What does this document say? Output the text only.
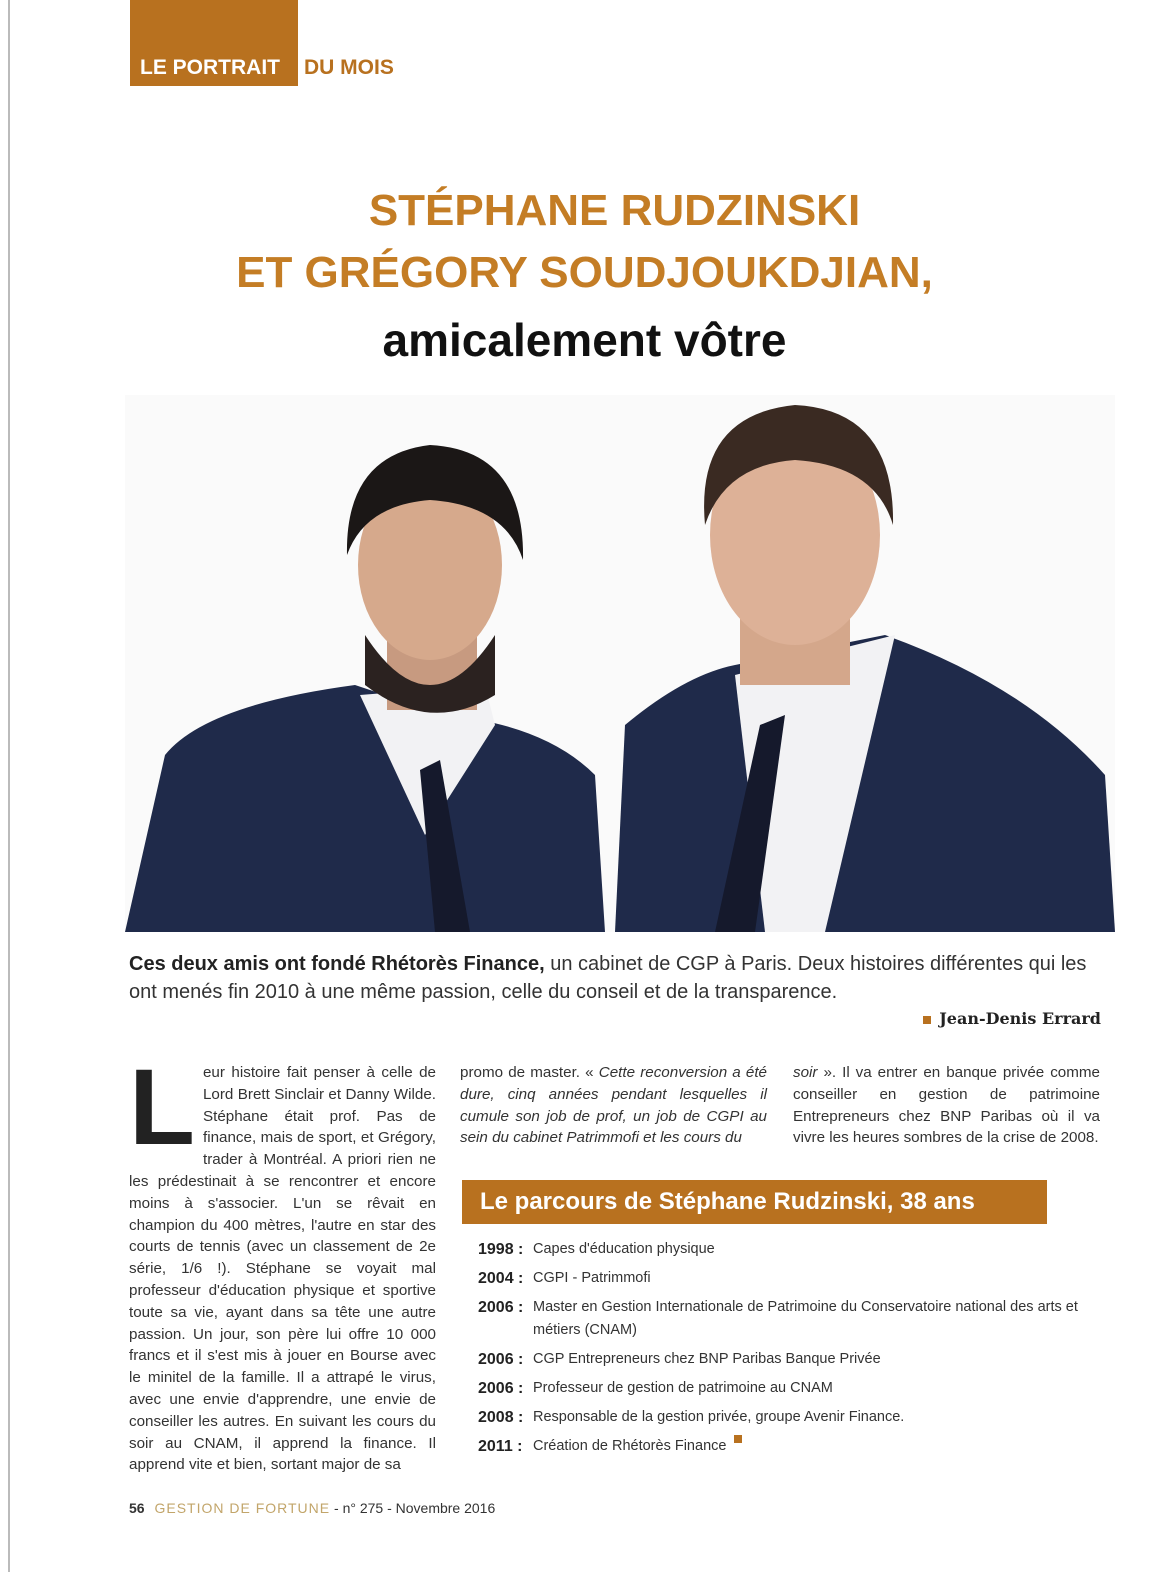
LE PORTRAIT	DU MOIS
STÉPHANE RUDZINSKI
ET GRÉGORY SOUDJOUKDJIAN,
amicalement vôtre
Ces deux amis ont fondé Rhétorès Finance, un cabinet de CGP à Paris. Deux histoires différentes qui les ont menés fin 2010 à une même passion, celle du conseil et de la transparence.
Jean-Denis Errard
Leur histoire fait penser à celle de Lord Brett Sinclair et Danny Wilde. Stéphane était prof. Pas de finance, mais de sport, et Grégory, trader à Montréal. A priori rien ne les prédestinait à se rencontrer et encore moins à s'associer. L'un se rêvait en champion du 400 mètres, l'autre en star des courts de tennis (avec un classement de 2e série, 1/6 !). Stéphane se voyait mal professeur d'éducation physique et sportive toute sa vie, ayant dans sa tête une autre passion. Un jour, son père lui offre 10 000 francs et il s'est mis à jouer en Bourse avec le minitel de la famille. Il a attrapé le virus, avec une envie d'apprendre, une envie de conseiller les autres. En suivant les cours du soir au CNAM, il apprend la finance. Il apprend vite et bien, sortant major de sa
promo de master. « Cette reconversion a été dure, cinq années pendant lesquelles il cumule son job de prof, un job de CGPI au sein du cabinet Patrimmofi et les cours du
soir ». Il va entrer en banque privée comme conseiller en gestion de patrimoine Entrepreneurs chez BNP Paribas où il va vivre les heures sombres de la crise de 2008.
Le parcours de Stéphane Rudzinski, 38 ans
1998 : Capes d'éducation physique
2004 : CGPI - Patrimmofi
2006 : Master en Gestion Internationale de Patrimoine du Conservatoire national des arts et métiers (CNAM)
2006 : CGP Entrepreneurs chez BNP Paribas Banque Privée
2006 : Professeur de gestion de patrimoine au CNAM
2008 : Responsable de la gestion privée, groupe Avenir Finance.
2011 : Création de Rhétorès Finance
56 GESTION DE FORTUNE - n° 275 - Novembre 2016
